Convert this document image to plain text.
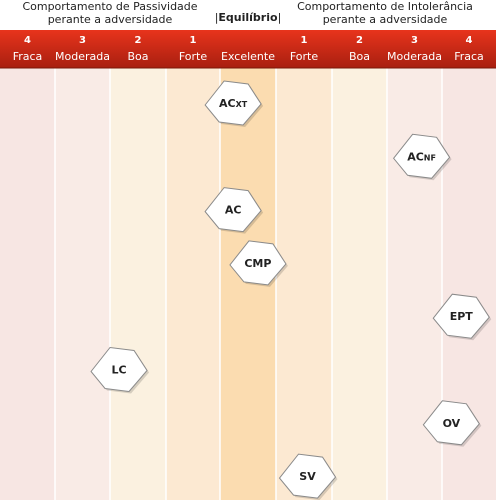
Comportamento de Passividade
perante a adversidade	|Equilíbrio|
Comportamento de Intolerância
perante a adversidade
4
Fraca
3
Moderada
2
Boa
1
Forte Excelente
1
Forte
2
Boa
3
Moderada
4
Fraca
ACXT
ACNF
AC
CMP
EPT
LC
OV
SV
